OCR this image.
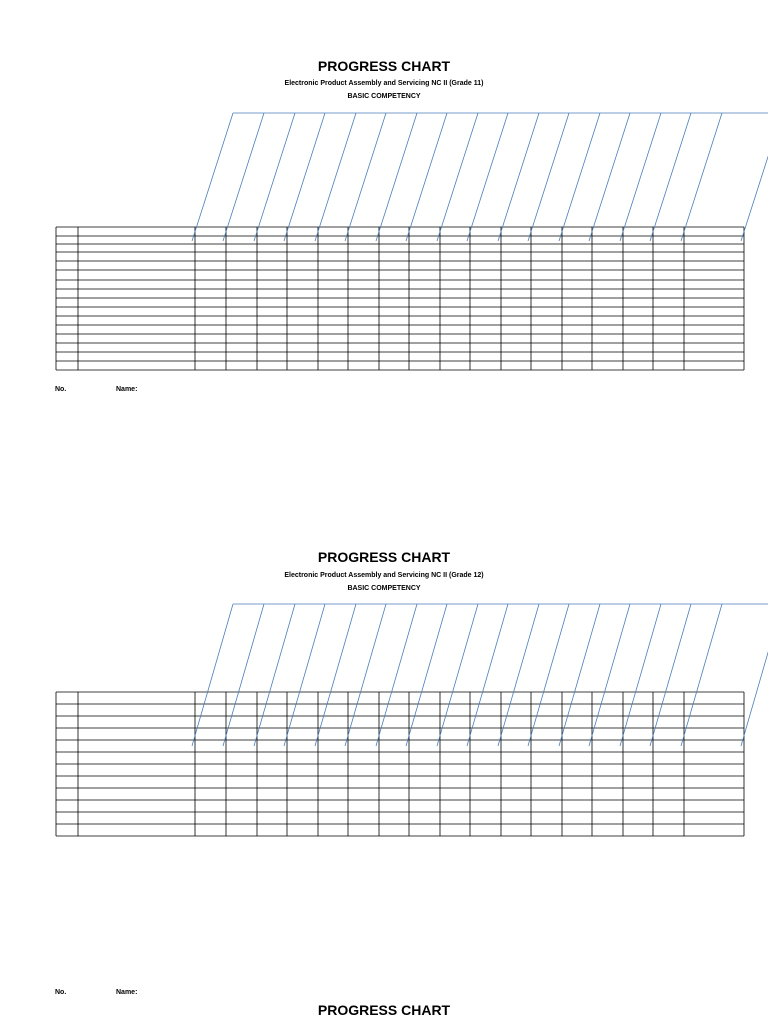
PROGRESS CHART
Electronic Product Assembly and Servicing NC II (Grade 11)
BASIC COMPETENCY
No.	Name:
PROGRESS CHART
Electronic Product Assembly and Servicing NC II (Grade 12)
BASIC COMPETENCY
No.	Name:
PROGRESS CHART
